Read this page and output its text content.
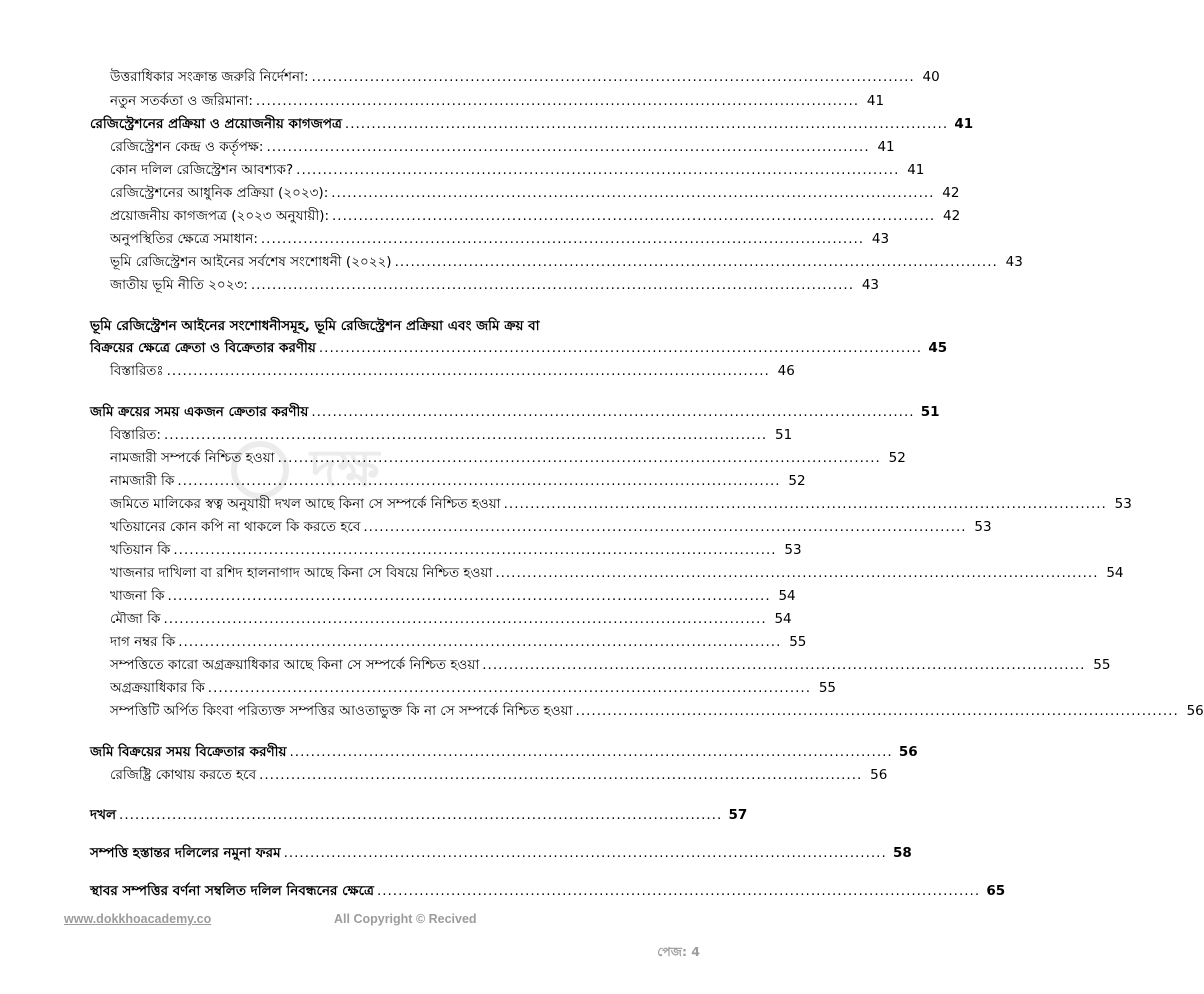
উত্তরাধিকার সংক্রান্ত জরুরি নির্দেশনা: .................................................................................................................. 40
নতুন সতর্কতা ও জরিমানা: .................................................................................................................. 41
রেজিস্ট্রেশনের প্রক্রিয়া ও প্রয়োজনীয় কাগজপত্র .................................................................................................................. 41
রেজিস্ট্রেশন কেন্দ্র ও কর্তৃপক্ষ: .................................................................................................................. 41
কোন দলিল রেজিস্ট্রেশন আবশ্যক? .................................................................................................................. 41
রেজিস্ট্রেশনের আধুনিক প্রক্রিয়া (২০২৩): .................................................................................................................. 42
প্রয়োজনীয় কাগজপত্র (২০২৩ অনুযায়ী): .................................................................................................................. 42
অনুপস্থিতির ক্ষেত্রে সমাধান: .................................................................................................................. 43
ভূমি রেজিস্ট্রেশন আইনের সর্বশেষ সংশোধনী (২০২২) .................................................................................................................. 43
জাতীয় ভূমি নীতি ২০২৩: .................................................................................................................. 43
ভূমি রেজিস্ট্রেশন আইনের সংশোধনীসমূহ, ভূমি রেজিস্ট্রেশন প্রক্রিয়া এবং জমি ক্রয় বা
বিক্রয়ের ক্ষেত্রে ক্রেতা ও বিক্রেতার করণীয় .................................................................................................................. 45
বিস্তারিতঃ .................................................................................................................. 46
জমি ক্রয়ের সময় একজন ক্রেতার করণীয় .................................................................................................................. 51
বিস্তারিত: .................................................................................................................. 51
নামজারী সম্পর্কে নিশ্চিত হওয়া .................................................................................................................. 52
নামজারী কি .................................................................................................................. 52
জমিতে মালিকের স্বত্ব অনুযায়ী দখল আছে কিনা সে সম্পর্কে নিশ্চিত হওয়া .................................................................................................................. 53
খতিয়ানের কোন কপি না থাকলে কি করতে হবে .................................................................................................................. 53
খতিয়ান কি .................................................................................................................. 53
খাজনার দাখিলা বা রশিদ হালনাগাদ আছে কিনা সে বিষয়ে নিশ্চিত হওয়া .................................................................................................................. 54
খাজনা কি .................................................................................................................. 54
মৌজা কি .................................................................................................................. 54
দাগ নম্বর কি .................................................................................................................. 55
সম্পত্তিতে কারো অগ্রক্রয়াধিকার আছে কিনা সে সম্পর্কে নিশ্চিত হওয়া .................................................................................................................. 55
অগ্রক্রয়াধিকার কি .................................................................................................................. 55
সম্পত্তিটি অর্পিত কিংবা পরিত্যক্ত সম্পত্তির আওতাভুক্ত কি না সে সম্পর্কে নিশ্চিত হওয়া .................................................................................................................. 56
জমি বিক্রয়ের সময় বিক্রেতার করণীয় .................................................................................................................. 56
রেজিষ্ট্রি কোথায় করতে হবে .................................................................................................................. 56
দখল .................................................................................................................. 57
সম্পত্তি হস্তান্তর দলিলের নমুনা ফরম .................................................................................................................. 58
স্থাবর সম্পত্তির বর্ণনা সম্বলিত দলিল নিবন্ধনের ক্ষেত্রে .................................................................................................................. 65
দক্ষ
www.dokkhoacademy.co	All Copyright © Recived
পেজ: 4
